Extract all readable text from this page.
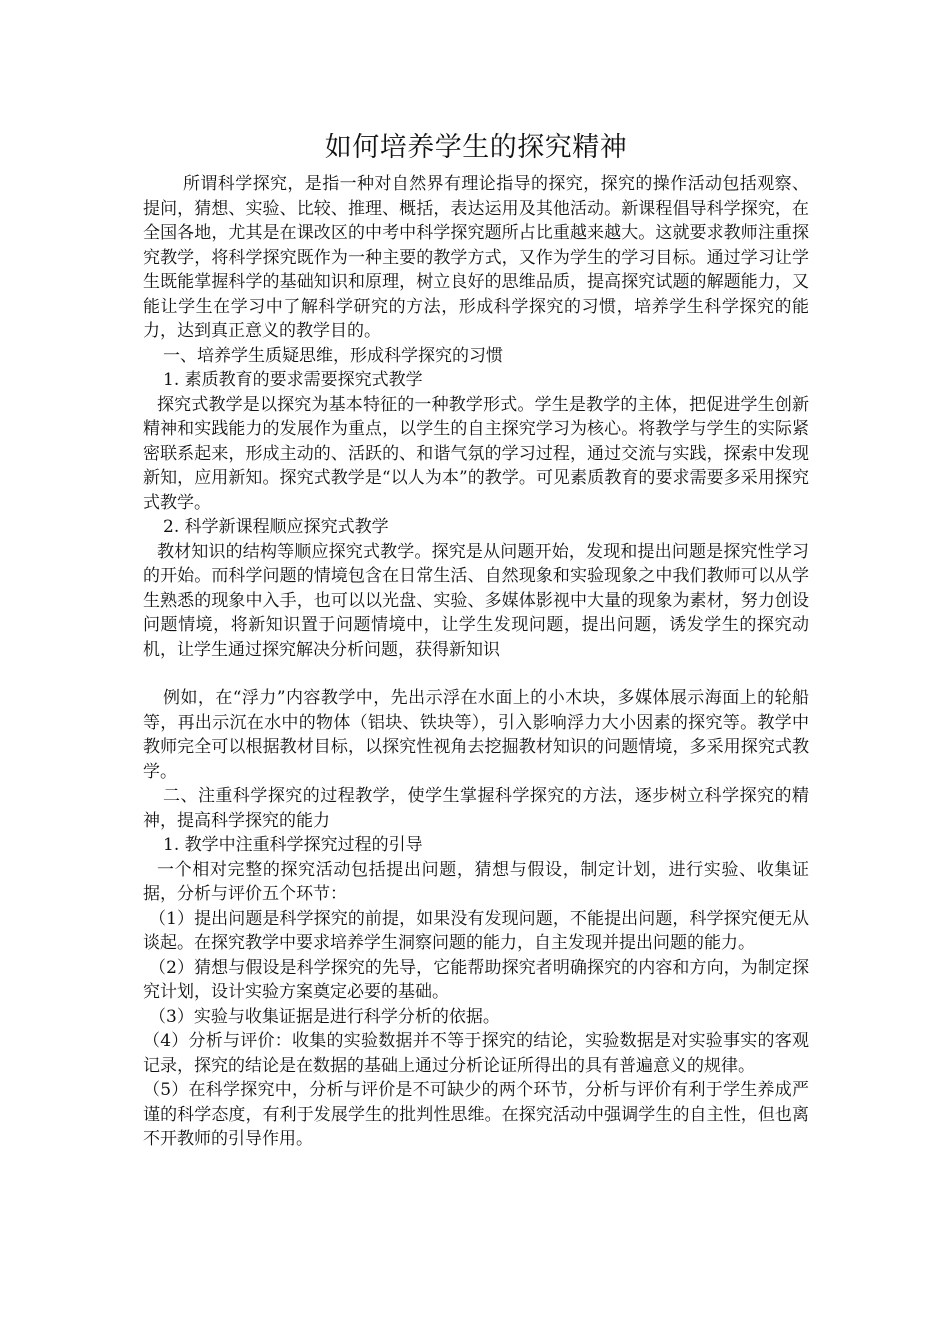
如何培养学生的探究精神

所谓科学探究，是指一种对自然界有理论指导的探究，探究的操作活动包括观察、提问，猜想、实验、比较、推理、概括，表达运用及其他活动。新课程倡导科学探究，在全国各地，尤其是在课改区的中考中科学探究题所占比重越来越大。这就要求教师注重探究教学，将科学探究既作为一种主要的教学方式，又作为学生的学习目标。通过学习让学生既能掌握科学的基础知识和原理，树立良好的思维品质，提高探究试题的解题能力，又能让学生在学习中了解科学研究的方法，形成科学探究的习惯，培养学生科学探究的能力，达到真正意义的教学目的。

一、培养学生质疑思维，形成科学探究的习惯

1. 素质教育的要求需要探究式教学

探究式教学是以探究为基本特征的一种教学形式。学生是教学的主体，把促进学生创新精神和实践能力的发展作为重点，以学生的自主探究学习为核心。将教学与学生的实际紧密联系起来，形成主动的、活跃的、和谐气氛的学习过程，通过交流与实践，探索中发现新知，应用新知。探究式教学是“以人为本”的教学。可见素质教育的要求需要多采用探究式教学。

2. 科学新课程顺应探究式教学

教材知识的结构等顺应探究式教学。探究是从问题开始，发现和提出问题是探究性学习的开始。而科学问题的情境包含在日常生活、自然现象和实验现象之中我们教师可以从学生熟悉的现象中入手，也可以以光盘、实验、多媒体影视中大量的现象为素材，努力创设问题情境，将新知识置于问题情境中，让学生发现问题，提出问题，诱发学生的探究动机，让学生通过探究解决分析问题，获得新知识

例如，在“浮力”内容教学中，先出示浮在水面上的小木块，多媒体展示海面上的轮船等，再出示沉在水中的物体（铝块、铁块等），引入影响浮力大小因素的探究等。教学中教师完全可以根据教材目标，以探究性视角去挖掘教材知识的问题情境，多采用探究式教学。

二、注重科学探究的过程教学，使学生掌握科学探究的方法，逐步树立科学探究的精神，提高科学探究的能力

1. 教学中注重科学探究过程的引导

一个相对完整的探究活动包括提出问题，猜想与假设，制定计划，进行实验、收集证据，分析与评价五个环节：

（1）提出问题是科学探究的前提，如果没有发现问题，不能提出问题，科学探究便无从谈起。在探究教学中要求培养学生洞察问题的能力，自主发现并提出问题的能力。

（2）猜想与假设是科学探究的先导，它能帮助探究者明确探究的内容和方向，为制定探究计划，设计实验方案奠定必要的基础。

（3）实验与收集证据是进行科学分析的依据。

（4）分析与评价：收集的实验数据并不等于探究的结论，实验数据是对实验事实的客观记录，探究的结论是在数据的基础上通过分析论证所得出的具有普遍意义的规律。

（5）在科学探究中，分析与评价是不可缺少的两个环节，分析与评价有利于学生养成严谨的科学态度，有利于发展学生的批判性思维。在探究活动中强调学生的自主性，但也离不开教师的引导作用。
